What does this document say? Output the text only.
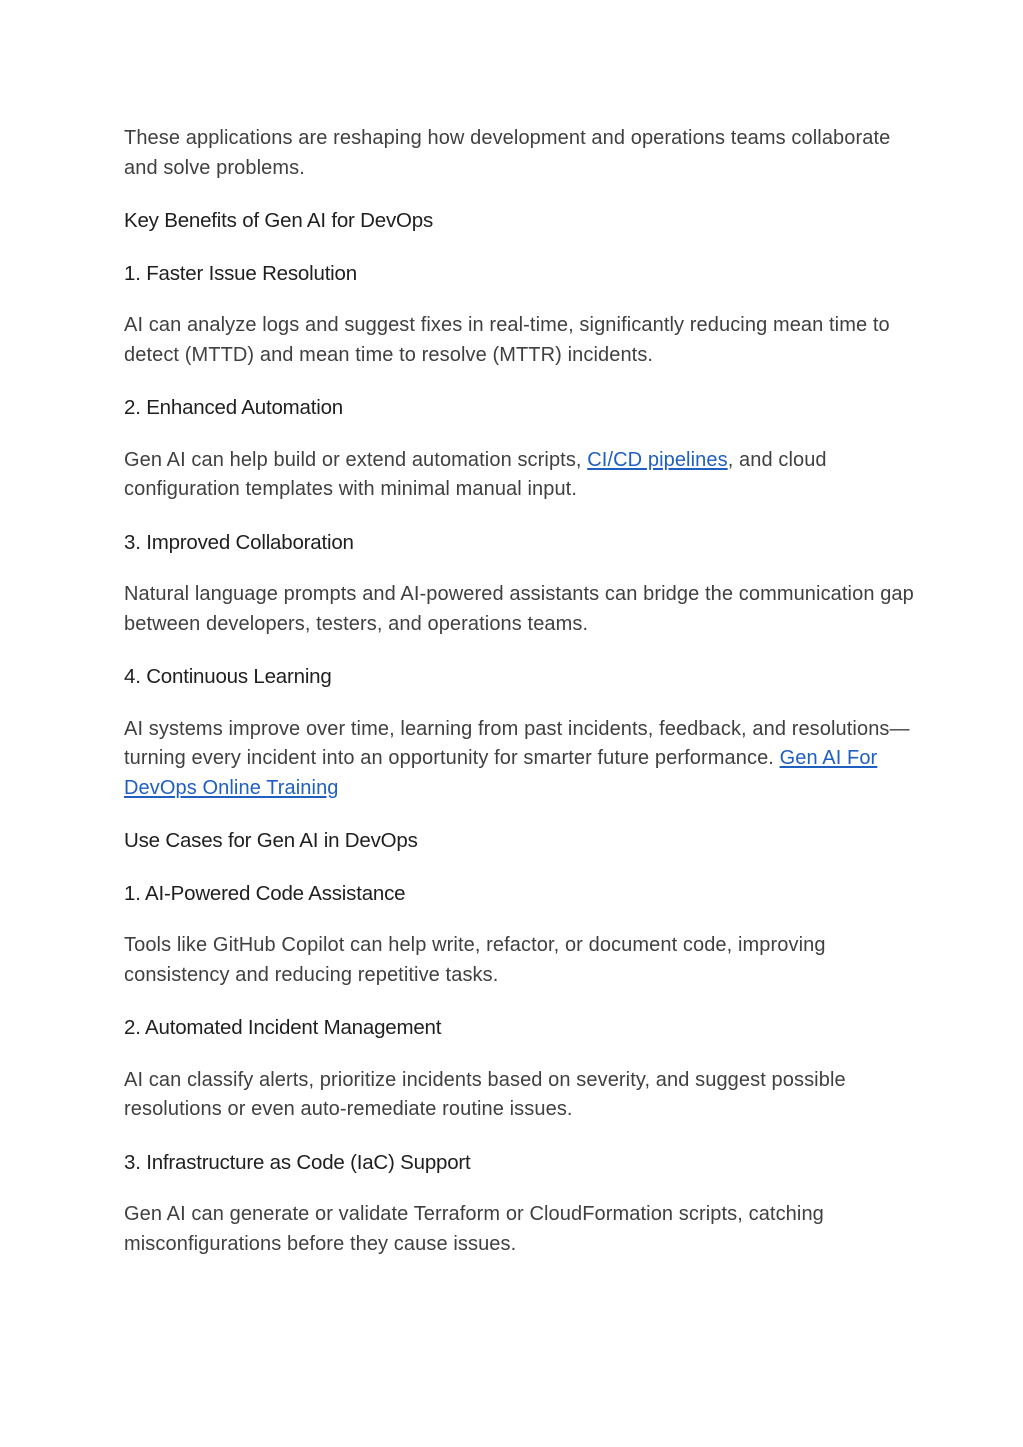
These applications are reshaping how development and operations teams collaborate and solve problems.

Key Benefits of Gen AI for DevOps
1. Faster Issue Resolution

AI can analyze logs and suggest fixes in real-time, significantly reducing mean time to detect (MTTD) and mean time to resolve (MTTR) incidents.

2. Enhanced Automation

Gen AI can help build or extend automation scripts, CI/CD pipelines, and cloud configuration templates with minimal manual input.

3. Improved Collaboration

Natural language prompts and AI-powered assistants can bridge the communication gap between developers, testers, and operations teams.

4. Continuous Learning

AI systems improve over time, learning from past incidents, feedback, and resolutions—turning every incident into an opportunity for smarter future performance. Gen AI For DevOps Online Training

Use Cases for Gen AI in DevOps
1. AI-Powered Code Assistance

Tools like GitHub Copilot can help write, refactor, or document code, improving consistency and reducing repetitive tasks.

2. Automated Incident Management

AI can classify alerts, prioritize incidents based on severity, and suggest possible resolutions or even auto-remediate routine issues.

3. Infrastructure as Code (IaC) Support

Gen AI can generate or validate Terraform or CloudFormation scripts, catching misconfigurations before they cause issues.
